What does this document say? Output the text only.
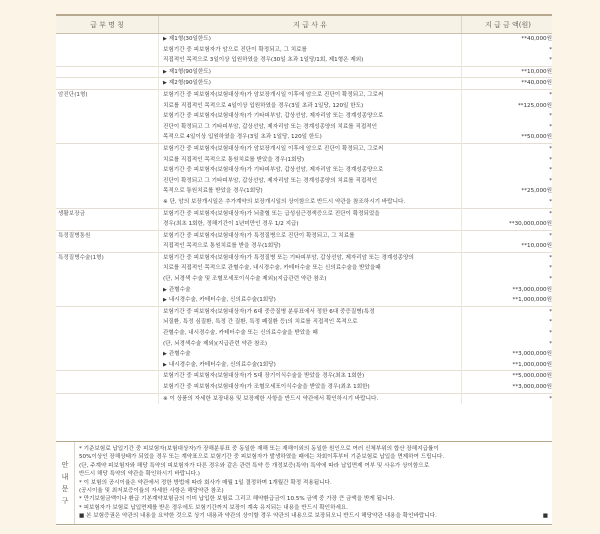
급 부 명 칭	지 급 사 유	지 급 금 액(원)
	▶ 제1형(30일한도)	**40,000원
	보험기간 중 피보험자가 암으로 진단이 확정되고, 그 치료를	*
	직접적인 목적으로 3일이상 입원하였을 경우(30일 초과 1일당/1회, 제1형은 제외)	*
	▶ 제1형(90일한도)	**10,000원
	▶ 제2형(90일한도)	**40,000원
암진단(1형)	보험기간 중 피보험자(보험대상자)가 암보장개시일 이후에 암으로 진단이 확정되고, 그로써	*
	치료를 직접적인 목적으로 4일이상 입원하였을 경우(3일 초과 1일당, 120일 한도)	**125,000원
	보험기간 중 피보험자(보험대상자)가 기타피부암, 갑상선암, 제자리암 또는 경계성종양으로	*
	진단이 확정되고 그 기타피부암, 갑상선암, 제자리암 또는 경계성종양의 치료를 직접적인	*
	목적으로 4일이상 입원하였을 경우(3일 초과 1일당, 120일 한도)	**50,000원
	보험기간 중 피보험자(보험대상자)가 암보장개시일 이후에 암으로 진단이 확정되고, 그로써	*
	치료를 직접적인 목적으로 통원치료를 받았을 경우(1회당)	*
	보험기간 중 피보험자(보험대상자)가 기타피부암, 갑상선암, 제자리암 또는 경계성종양으로	*
	진단이 확정되고 그 기타피부암, 갑상선암, 제자리암 또는 경계성종양의 치료를 직접적인	*
	목적으로 통원치료를 받았을 경우(1회당)	**25,000원
	※ 단, 암의 보장개시일은 추가계약의 보장개시일의 상이함으로 반드시 약관을 참조하시기 바랍니다.	*
생활보장금	보험기간 중 피보험자(보험대상자)가 뇌출혈 또는 급성심근경색증으로 진단이 확정되었을	*
	경우(최초 1회한, 정해기간이 1년미만인 경우 1/2 지급)	**30,000,000원
특정질병통원	보험기간 중 피보험자(보험대상자)가 특정질병으로 진단이 확정되고, 그 치료를	*
	직접적인 목적으로 통원치료를 받을 경우(1회당)	**10,000원
특정질병수술(1형)	보험기간 중 피보험자(보험대상자)가 특정질병 또는 기타피부암, 갑상선암, 제자리암 또는 경계성종양의	*
	치료를 직접적인 목적으로 관혈수술, 내시경수술, 카테터수술 또는 신의료수술을 받았을때	*
	(단, 뇌경색 수술 및 조혈모세포이식수술 제외)(지급관련 약관 참조)	*
	▶ 관혈수술	**3,000,000원
	▶ 내시경수술, 카테터수술, 신의료수술(1회당)	**1,000,000원
	보험기간 중 피보험자(보험대상자)가 6대 중증질병 분류표에서 정한 6대 중증질병(특정	*
	뇌질환, 특정 심질환, 특정 간 질환, 특정 폐질환 등)의 치료를 직접적인 목적으로	*
	관혈수술, 내시경수술, 카테터수술 또는 신의료수술을 받았을 때	*
	(단, 뇌경색수술 제외)(지급관련 약관 참조)	*
	▶ 관혈수술	**3,000,000원
	▶ 내시경수술, 카테터수술, 신의료수술(1회당)	**1,000,000원
	보험기간 중 피보험자(보험대상자)가 5대 장기이식수술을 받았을 경우(최초 1회한)	**5,000,000원
	보험기간 중 피보험자(보험대상자)가 조혈모세포이식수술을 받았을 경우(최초 1회한)	**3,000,000원
	※ 이 상품의 자세한 보장내용 및 보장제한 사항을 반드시 약관에서 확인하시기 바랍니다.	*
안
내
문
구
* 기준보험료 납입기간 중 피보험자(보험대상자)가 장해분류표 중 동일한 재해 또는 재해이외의 동일한 원인으로 여러 신체부위의 합산 장해지급률이
50%이상인 장해상태가 되었을 경우 또는 계약표으로 보험기간 중 피보험자가 발생하였을 때에는 차회이후부터 기준보험료 납입을 면제하여 드립니다.
(단, 주계약 피보험자와 해당 특약의 피보험자가 다른 경우와 같은 관련 특약 등 개정보증(특약) 특약에 따라 납입면제 여부 및 사유가 상이함으로
반드시 해당 특약의 약관을 확인하시기 바랍니다.)
* 이 보험의 공시이율은 약관에서 정한 방법에 따라 회사가 매월 1일 결정하며 1개월간 확정 적용됩니다.
(공시이율 및 최저보증이율의 자세한 사항은 해당약관 참조)
* 만기보험금액이나 환급 기본계약보험금의 이미 납입한 보험료 그리고 해약환급금이 10.5% 금액 중 가장 큰 금액을 받게 됩니다.
* 피보험자가 보험료 납입면제를 받은 경우에도 보험기간까지 보장이 계속 유지되는 내용을 반드시 확인하세요.
■ 본 보험증권은 약관의 내용을 요약한 것으로 상기 내용과 약관의 상이할 경우 약관의 내용으로 보장되오니 반드시 해당약관 내용을 확인바랍니다.	■
